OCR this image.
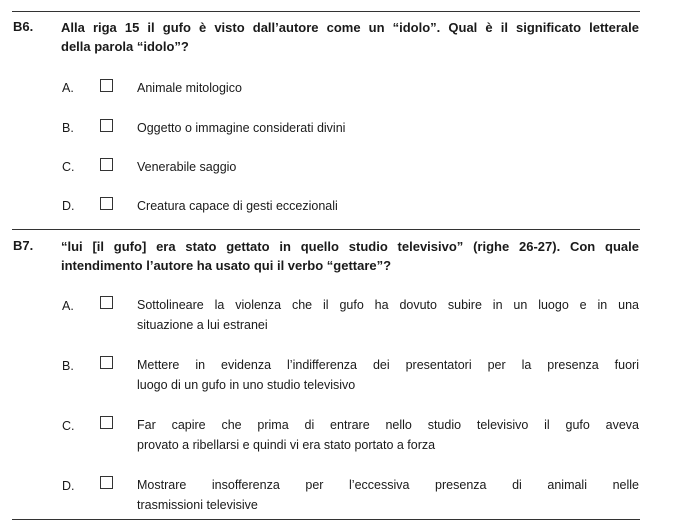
B6. Alla riga 15 il gufo è visto dall’autore come un “idolo”. Qual è il significato letterale
della parola “idolo”?
A.	Animale mitologico
B.	Oggetto o immagine considerati divini
C.	Venerabile saggio
D.	Creatura capace di gesti eccezionali
B7. “lui [il gufo] era stato gettato in quello studio televisivo” (righe 26-27). Con quale
intendimento l’autore ha usato qui il verbo “gettare”?
A.	Sottolineare la violenza che il gufo ha dovuto subire in un luogo e in una
situazione a lui estranei
B.	Mettere in evidenza l’indifferenza dei presentatori per la presenza fuori
luogo di un gufo in uno studio televisivo
C.	Far capire che prima di entrare nello studio televisivo il gufo aveva
provato a ribellarsi e quindi vi era stato portato a forza
D.	Mostrare insofferenza per l’eccessiva presenza di animali nelle
trasmissioni televisive
